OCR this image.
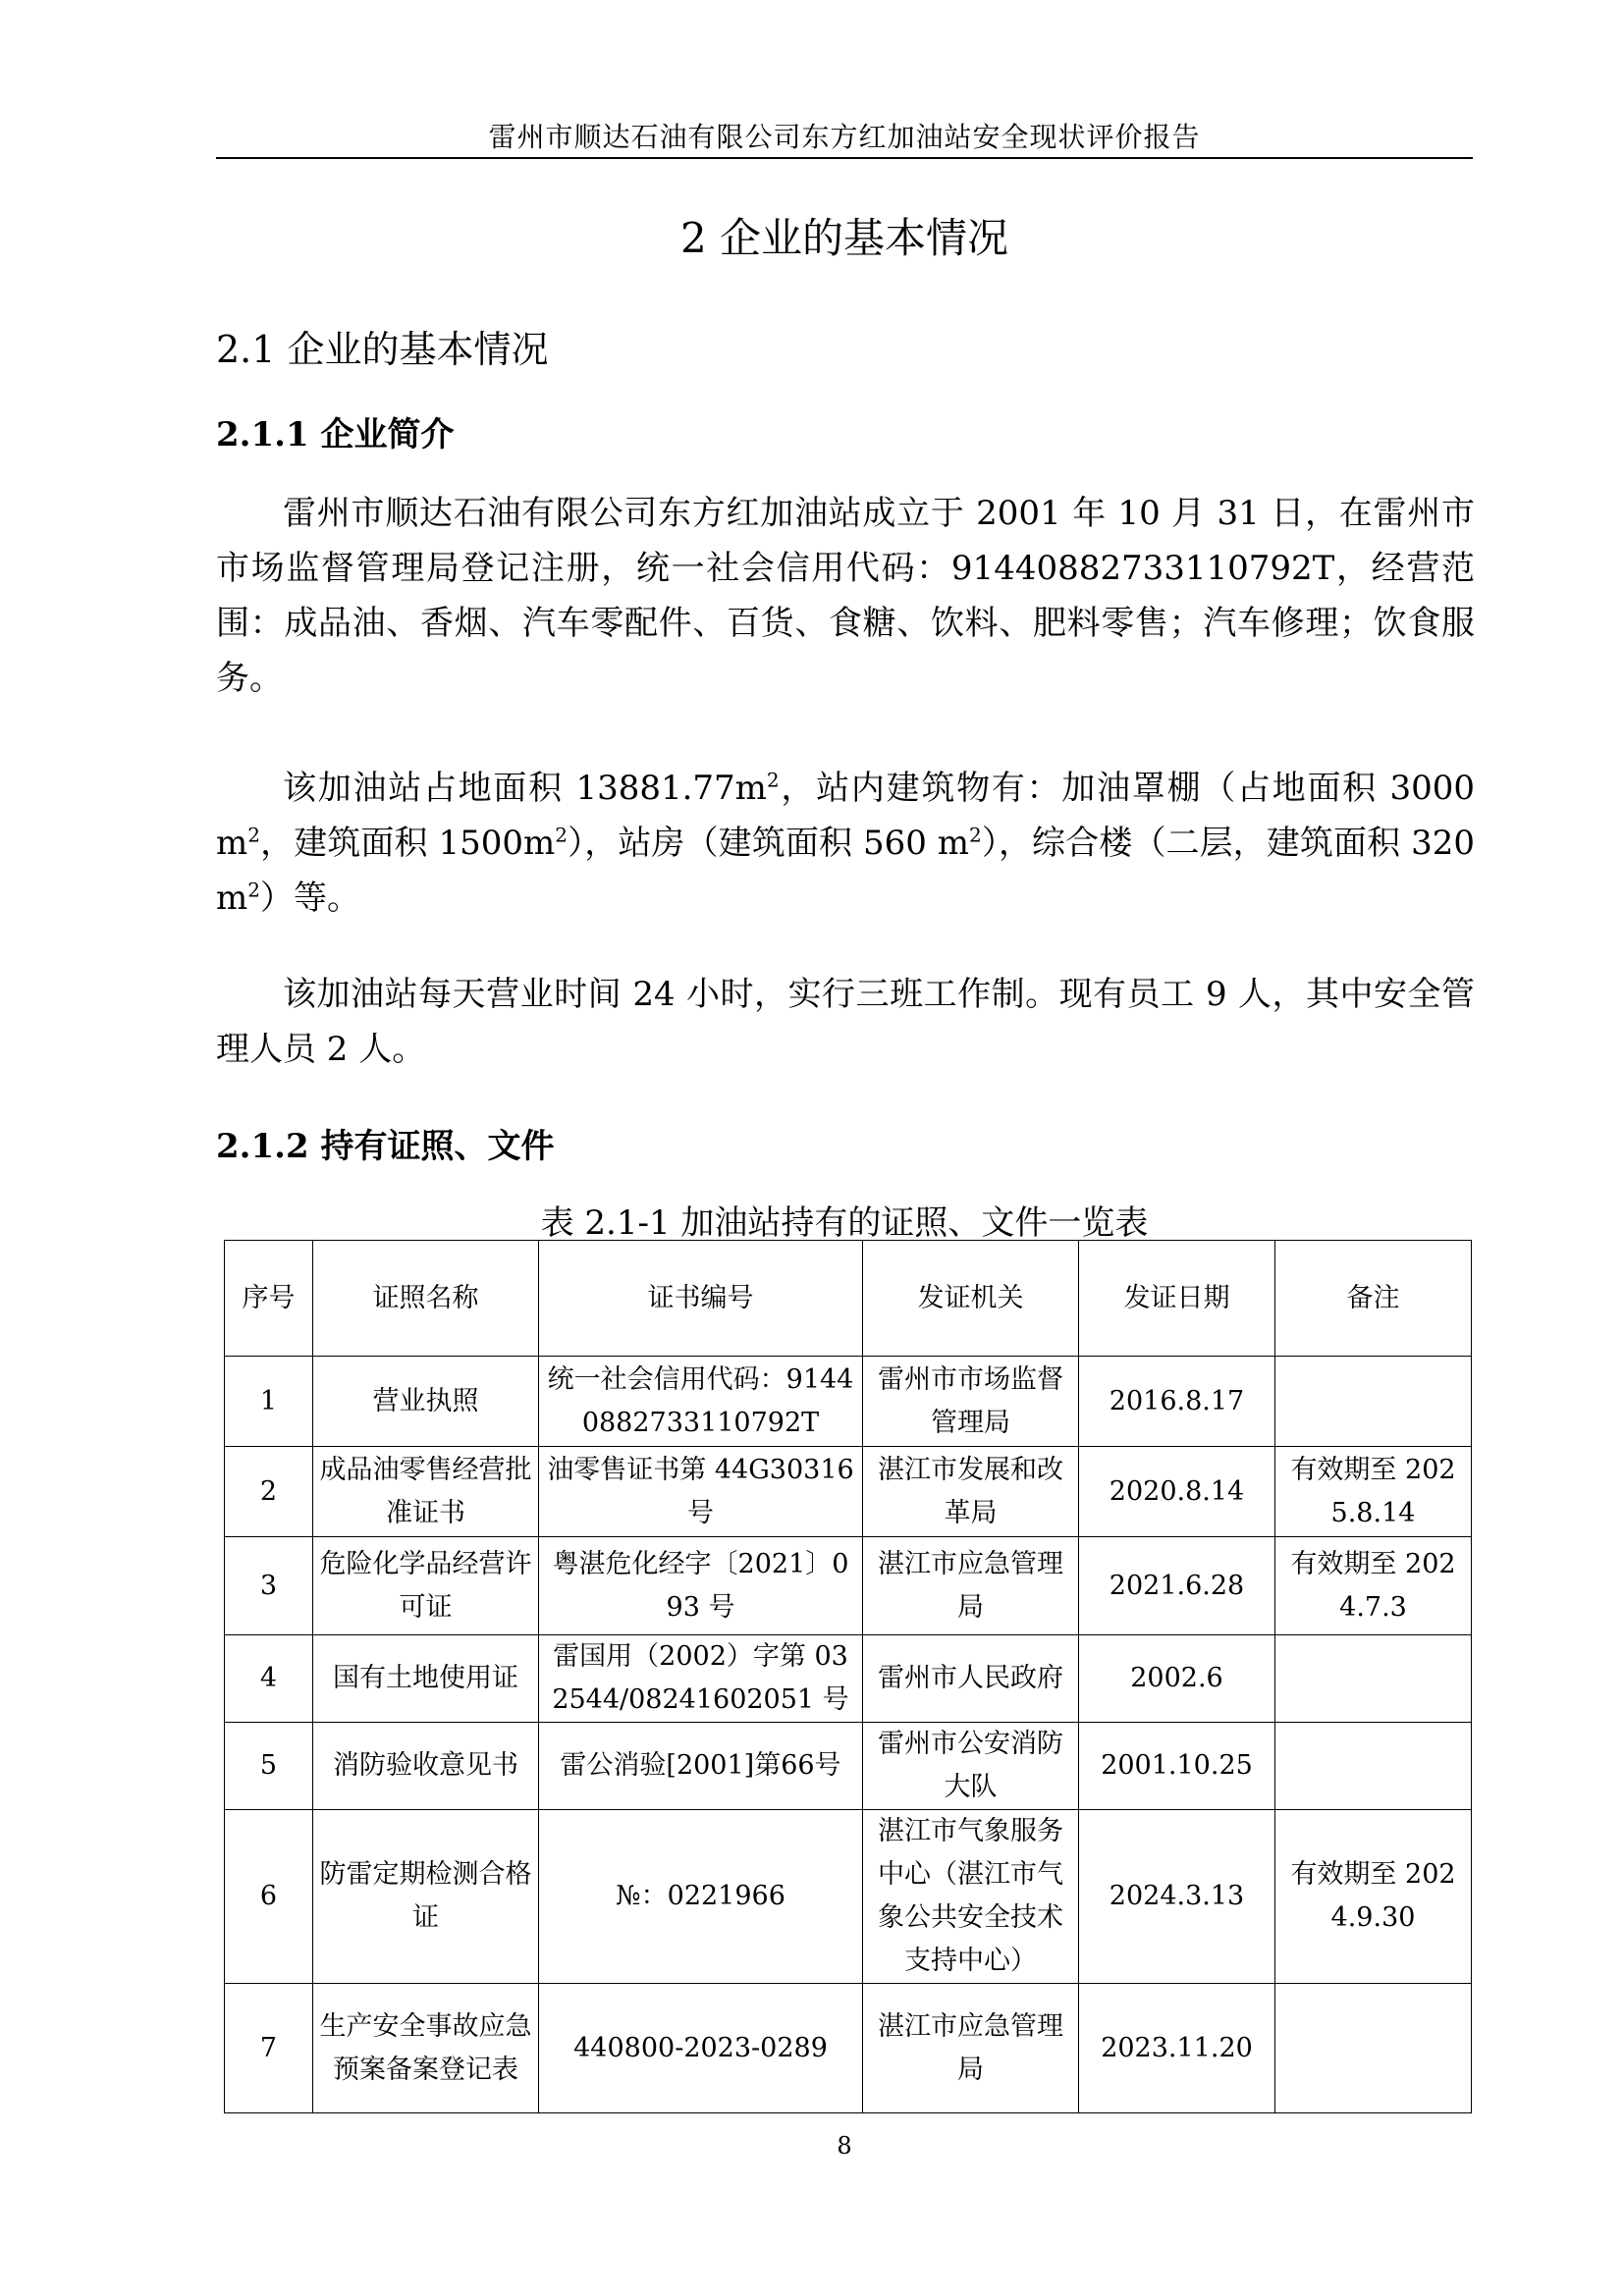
雷州市顺达石油有限公司东方红加油站安全现状评价报告
2 企业的基本情况
2.1 企业的基本情况
2.1.1 企业简介

雷州市顺达石油有限公司东方红加油站成立于 2001 年 10 月 31 日，在雷州市市场监督管理局登记注册，统一社会信用代码：91440882733110792T，经营范围：成品油、香烟、汽车零配件、百货、食糖、饮料、肥料零售；汽车修理；饮食服务。

该加油站占地面积 $13881.77m^2$，站内建筑物有：加油罩棚（占地面积 3000 $m^2$，建筑面积 $1500m^2$），站房（建筑面积 560 $m^2$），综合楼（二层，建筑面积 320 $m^2$）等。

该加油站每天营业时间 24 小时，实行三班工作制。现有员工 9 人，其中安全管理人员 2 人。

2.1.2 持有证照、文件
表 2.1-1 加油站持有的证照、文件一览表
序号	证照名称	证书编号	发证机关	发证日期	备注
1	营业执照	统一社会信用代码：91440882733110792T	雷州市市场监督管理局	2016.8.17	
2	成品油零售经营批准证书	油零售证书第 44G30316 号	湛江市发展和改革局	2020.8.14	有效期至 2025.8.14
3	危险化学品经营许可证	粤湛危化经字〔2021〕093 号	湛江市应急管理局	2021.6.28	有效期至 2024.7.3
4	国有土地使用证	雷国用（2002）字第 032544/08241602051 号	雷州市人民政府	2002.6	
5	消防验收意见书	雷公消验[2001]第66号	雷州市公安消防大队	2001.10.25	
6	防雷定期检测合格证	№：0221966	湛江市气象服务中心（湛江市气象公共安全技术支持中心）	2024.3.13	有效期至 2024.9.30
7	生产安全事故应急预案备案登记表	440800-2023-0289	湛江市应急管理局	2023.11.20	
8
